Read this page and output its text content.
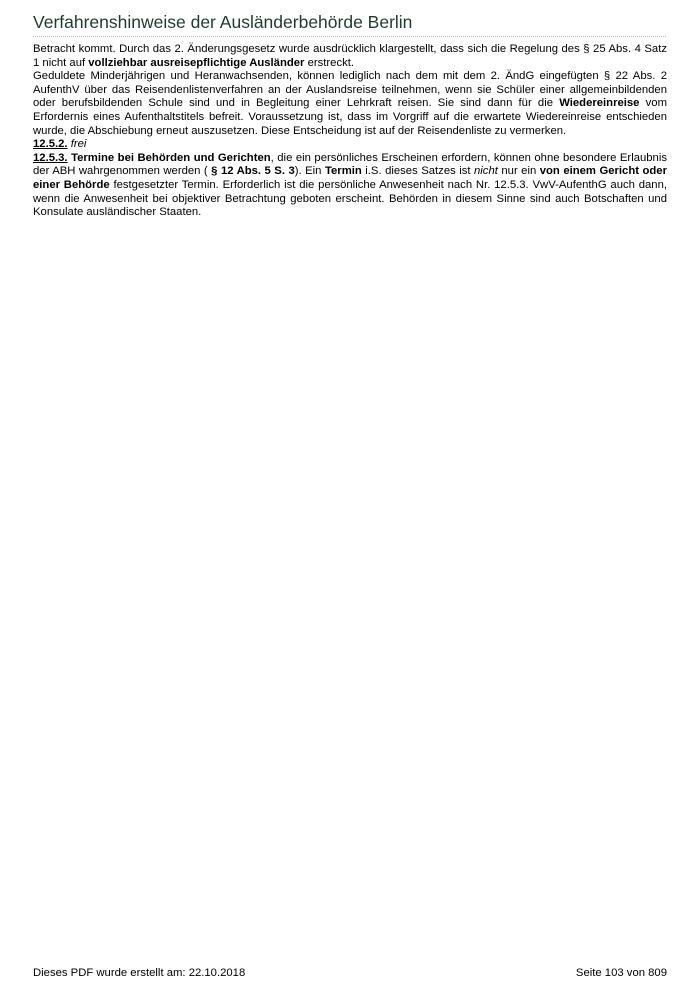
Verfahrenshinweise der Ausländerbehörde Berlin

Betracht kommt. Durch das 2. Änderungsgesetz wurde ausdrücklich klargestellt, dass sich die Regelung des § 25 Abs. 4 Satz 1 nicht auf vollziehbar ausreisepflichtige Ausländer erstreckt.

Geduldete Minderjährigen und Heranwachsenden, können lediglich nach dem mit dem 2. ÄndG eingefügten § 22 Abs. 2 AufenthV über das Reisendenlistenverfahren an der Auslandsreise teilnehmen, wenn sie Schüler einer allgemeinbildenden oder berufsbildenden Schule sind und in Begleitung einer Lehrkraft reisen. Sie sind dann für die Wiedereinreise vom Erfordernis eines Aufenthaltstitels befreit. Voraussetzung ist, dass im Vorgriff auf die erwartete Wiedereinreise entschieden wurde, die Abschiebung erneut auszusetzen. Diese Entscheidung ist auf der Reisendenliste zu vermerken.

12.5.2. frei

12.5.3. Termine bei Behörden und Gerichten, die ein persönliches Erscheinen erfordern, können ohne besondere Erlaubnis der ABH wahrgenommen werden ( § 12 Abs. 5 S. 3). Ein Termin i.S. dieses Satzes ist nicht nur ein von einem Gericht oder einer Behörde festgesetzter Termin. Erforderlich ist die persönliche Anwesenheit nach Nr. 12.5.3. VwV-AufenthG auch dann, wenn die Anwesenheit bei objektiver Betrachtung geboten erscheint. Behörden in diesem Sinne sind auch Botschaften und Konsulate ausländischer Staaten.

Dieses PDF wurde erstellt am: 22.10.2018	Seite 103 von 809
